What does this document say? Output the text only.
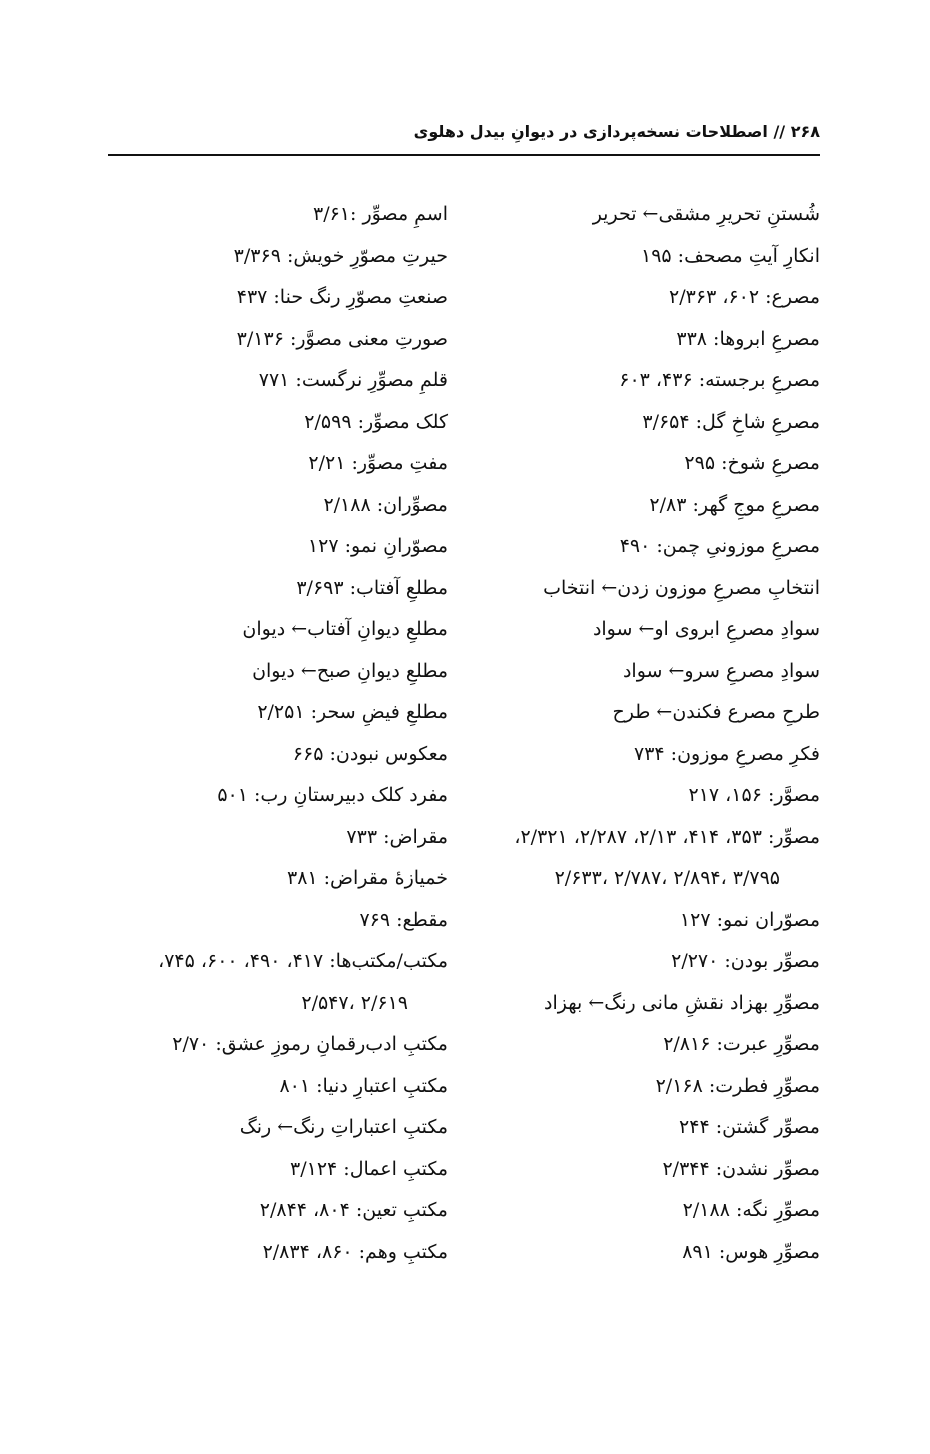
۲۶۸ // اصطلاحات نسخه‌پردازی در دیوانِ بیدل دهلوی
شُستنِ تحریرِ مشقی← تحریر
انکارِ آیتِ مصحف: ۱۹۵
مصرع: ۶۰۲، ۲/۳۶۳
مصرعِ ابروها: ۳۳۸
مصرعِ برجسته: ۴۳۶، ۶۰۳
مصرعِ شاخِ گل: ۳/۶۵۴
مصرعِ شوخ: ۲۹۵
مصرعِ موجِ گهر: ۲/۸۳
مصرعِ موزونیِ چمن: ۴۹۰
انتخابِ مصرعِ موزون زدن← انتخاب
سوادِ مصرعِ ابروی او← سواد
سوادِ مصرعِ سرو← سواد
طرحِ مصرع فکندن← طرح
فکرِ مصرعِ موزون: ۷۳۴
مصوَّر: ۱۵۶، ۲۱۷
مصوِّر: ۳۵۳، ۴۱۴، ۲/۱۳، ۲/۲۸۷، ۲/۳۲۱،
۲/۶۳۳، ۲/۷۸۷، ۲/۸۹۴، ۳/۷۹۵
مصوّران نمو: ۱۲۷
مصوِّر بودن: ۲/۲۷۰
مصوِّرِ بهزاد نقشِ مانی رنگ← بهزاد
مصوِّرِ عبرت: ۲/۸۱۶
مصوِّرِ فطرت: ۲/۱۶۸
مصوِّر گشتن: ۲۴۴
مصوِّر نشدن: ۲/۳۴۴
مصوِّرِ نگه: ۲/۱۸۸
مصوِّرِ هوس: ۸۹۱
اسمِ مصوِّر :۳/۶۱
حیرتِ مصوّرِ خویش: ۳/۳۶۹
صنعتِ مصوّرِ رنگ حنا: ۴۳۷
صورتِ معنی مصوَّر: ۳/۱۳۶
قلمِ مصوِّرِ نرگست: ۷۷۱
کلک مصوِّر: ۲/۵۹۹
مفتِ مصوِّر: ۲/۲۱
مصوِّران: ۲/۱۸۸
مصوّرانِ نمو: ۱۲۷
مطلعِ آفتاب: ۳/۶۹۳
مطلعِ دیوانِ آفتاب← دیوان
مطلعِ دیوانِ صبح← دیوان
مطلعِ فیضِ سحر: ۲/۲۵۱
معکوس نبودن: ۶۶۵
مفرد کلک دبیرستانِ رب: ۵۰۱
مقراض: ۷۳۳
خمیازۀ مقراض: ۳۸۱
مقطع: ۷۶۹
مکتب/مکتب‌ها: ۴۱۷، ۴۹۰، ۶۰۰، ۷۴۵،
۲/۵۴۷، ۲/۶۱۹
مکتبِ ادب‌رقمانِ رموزِ عشق: ۲/۷۰
مکتبِ اعتبارِ دنیا: ۸۰۱
مکتبِ اعتباراتِ رنگ← رنگ
مکتبِ اعمال: ۳/۱۲۴
مکتبِ تعین: ۸۰۴، ۲/۸۴۴
مکتبِ وهم: ۸۶۰، ۲/۸۳۴
